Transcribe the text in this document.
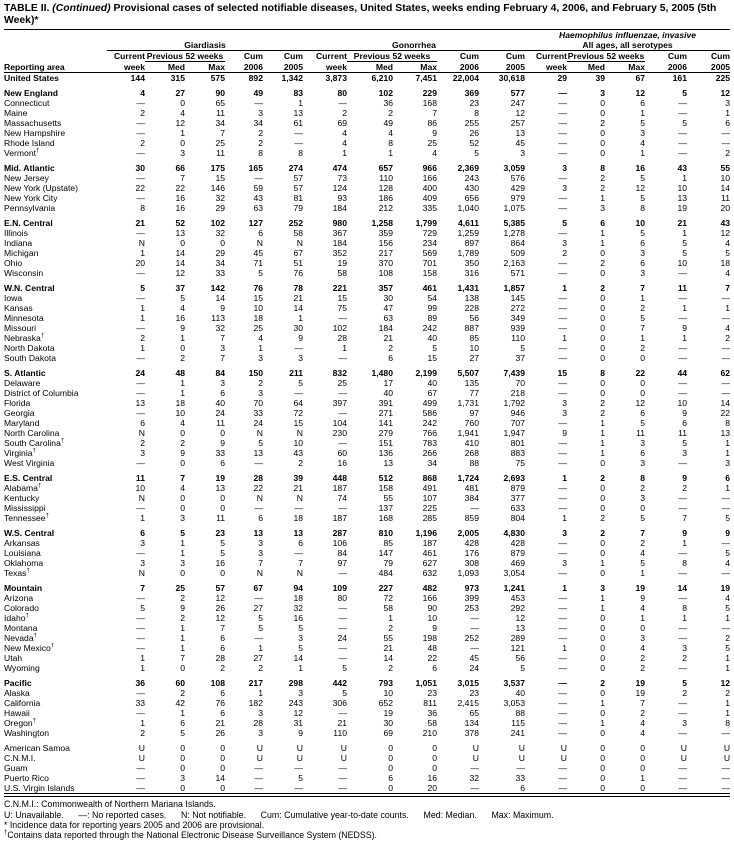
TABLE II. (Continued) Provisional cases of selected notifiable diseases, United States, weeks ending February 4, 2006, and February 5, 2005 (5th Week)*
											Haemophilus influenzae, invasive				
	Giardiasis					Gonorrhea					All ages, all serotypes				
	Current	Previous 52 weeks		Cum	Cum	Current	Previous 52 weeks		Cum	Cum	Current	Previous 52 weeks		Cum	Cum
Reporting area	week	Med	Max	2006	2005	week	Med	Max	2006	2005	week	Med	Max	2006	2005
United States	144	315	575	892	1,342	3,873	6,210	7,451	22,004	30,618	29	39	67	161	225

New England	4	27	90	49	83	80	102	229	369	577	—	3	12	5	12
Connecticut	—	0	65	—	1	—	36	168	23	247	—	0	6	—	3
Maine	2	4	11	3	13	2	2	7	8	12	—	0	1	—	1
Massachusetts	—	12	34	34	61	69	49	86	255	257	—	2	5	5	6
New Hampshire	—	1	7	2	—	4	4	9	26	13	—	0	3	—	—
Rhode Island	2	0	25	2	—	4	8	25	52	45	—	0	4	—	—
Vermont†	—	3	11	8	8	1	1	4	5	3	—	0	1	—	2

Mid. Atlantic	30	66	175	165	274	474	657	966	2,369	3,059	3	8	16	43	55
New Jersey	—	7	15	—	57	73	110	166	243	576	—	2	5	1	10
New York (Upstate)	22	22	146	59	57	124	128	400	430	429	3	2	12	10	14
New York City	—	16	32	43	81	93	186	409	656	979	—	1	5	13	11
Pennsylvania	8	16	29	63	79	184	212	335	1,040	1,075	—	3	8	19	20

E.N. Central	21	52	102	127	252	980	1,258	1,799	4,611	5,385	5	6	10	21	43
Illinois	—	13	32	6	58	367	359	729	1,259	1,278	—	1	5	1	12
Indiana	N	0	0	N	N	184	156	234	897	864	3	1	6	5	4
Michigan	1	14	29	45	67	352	217	569	1,789	509	2	0	3	5	5
Ohio	20	14	34	71	51	19	370	701	350	2,163	—	2	6	10	18
Wisconsin	—	12	33	5	76	58	108	158	316	571	—	0	3	—	4

W.N. Central	5	37	142	76	78	221	357	461	1,431	1,857	1	2	7	11	7
Iowa	—	5	14	15	21	15	30	54	138	145	—	0	1	—	—
Kansas	1	4	9	10	14	75	47	99	228	272	—	0	2	1	1
Minnesota	1	16	113	18	1	—	63	89	56	349	—	0	5	—	—
Missouri	—	9	32	25	30	102	184	242	887	939	—	0	7	9	4
Nebraska†	2	1	7	4	9	28	21	40	85	110	1	0	1	1	2
North Dakota	1	0	3	1	—	1	2	5	10	5	—	0	2	—	—
South Dakota	—	2	7	3	3	—	6	15	27	37	—	0	0	—	—

S. Atlantic	24	48	84	150	211	832	1,480	2,199	5,507	7,439	15	8	22	44	62
Delaware	—	1	3	2	5	25	17	40	135	70	—	0	0	—	—
District of Columbia	—	1	6	3	—	—	40	67	77	218	—	0	0	—	—
Florida	13	18	40	70	64	397	391	499	1,731	1,792	3	2	12	10	14
Georgia	—	10	24	33	72	—	271	586	97	946	3	2	6	9	22
Maryland	6	4	11	24	15	104	141	242	760	707	—	1	5	6	8
North Carolina	N	0	0	N	N	230	279	766	1,941	1,947	9	1	11	11	13
South Carolina†	2	2	9	5	10	—	151	783	410	801	—	1	3	5	1
Virginia†	3	9	33	13	43	60	136	266	268	883	—	1	6	3	1
West Virginia	—	0	6	—	2	16	13	34	88	75	—	0	3	—	3

E.S. Central	11	7	19	28	39	448	512	868	1,724	2,693	1	2	8	9	6
Alabama†	10	4	13	22	21	187	158	491	481	879	—	0	2	2	1
Kentucky	N	0	0	N	N	74	55	107	384	377	—	0	3	—	—
Mississippi	—	0	0	—	—	—	137	225	—	633	—	0	0	—	—
Tennessee†	1	3	11	6	18	187	168	285	859	804	1	2	5	7	5

W.S. Central	6	5	23	13	13	287	810	1,196	2,005	4,830	3	2	7	9	9
Arkansas	3	1	5	3	6	106	85	187	428	428	—	0	2	1	—
Louisiana	—	1	5	3	—	84	147	461	176	879	—	0	4	—	5
Oklahoma	3	3	16	7	7	97	79	627	308	469	3	1	5	8	4
Texas†	N	0	0	N	N	—	484	632	1,093	3,054	—	0	1	—	—

Mountain	7	25	57	67	94	109	227	482	973	1,241	1	3	19	14	19
Arizona	—	2	12	—	18	80	72	166	399	453	—	1	9	—	4
Colorado	5	9	26	27	32	—	58	90	253	292	—	1	4	8	5
Idaho†	—	2	12	5	16	—	1	10	—	12	—	0	1	1	1
Montana	—	1	7	5	5	—	2	9	—	13	—	0	0	—	—
Nevada†	—	1	6	—	3	24	55	198	252	289	—	0	3	—	2
New Mexico†	—	1	6	1	5	—	21	48	—	121	1	0	4	3	5
Utah	1	7	28	27	14	—	14	22	45	56	—	0	2	2	1
Wyoming	1	0	2	2	1	5	2	6	24	5	—	0	2	—	1

Pacific	36	60	108	217	298	442	793	1,051	3,015	3,537	—	2	19	5	12
Alaska	—	2	6	1	3	5	10	23	23	40	—	0	19	2	2
California	33	42	76	182	243	306	652	811	2,415	3,053	—	1	7	—	1
Hawaii	—	1	6	3	12	—	19	36	65	88	—	0	2	—	1
Oregon†	1	6	21	28	31	21	30	58	134	115	—	1	4	3	8
Washington	2	5	26	3	9	110	69	210	378	241	—	0	4	—	—

American Samoa	U	0	0	U	U	U	0	0	U	U	U	0	0	U	U
C.N.M.I.	U	0	0	U	U	U	0	0	U	U	U	0	0	U	U
Guam	—	0	0	—	—	—	0	0	—	—	—	0	0	—	—
Puerto Rico	—	3	14	—	5	—	6	16	32	33	—	0	1	—	—
U.S. Virgin Islands	—	0	0	—	—	—	0	20	—	6	—	0	0	—	—
C.N.M.I.: Commonwealth of Northern Mariana Islands.
U: Unavailable.      —: No reported cases.      N: Not notifiable.      Cum: Cumulative year-to-date counts.      Med: Median.      Max: Maximum.
* Incidence data for reporting years 2005 and 2006 are provisional.
†Contains data reported through the National Electronic Disease Surveillance System (NEDSS).
